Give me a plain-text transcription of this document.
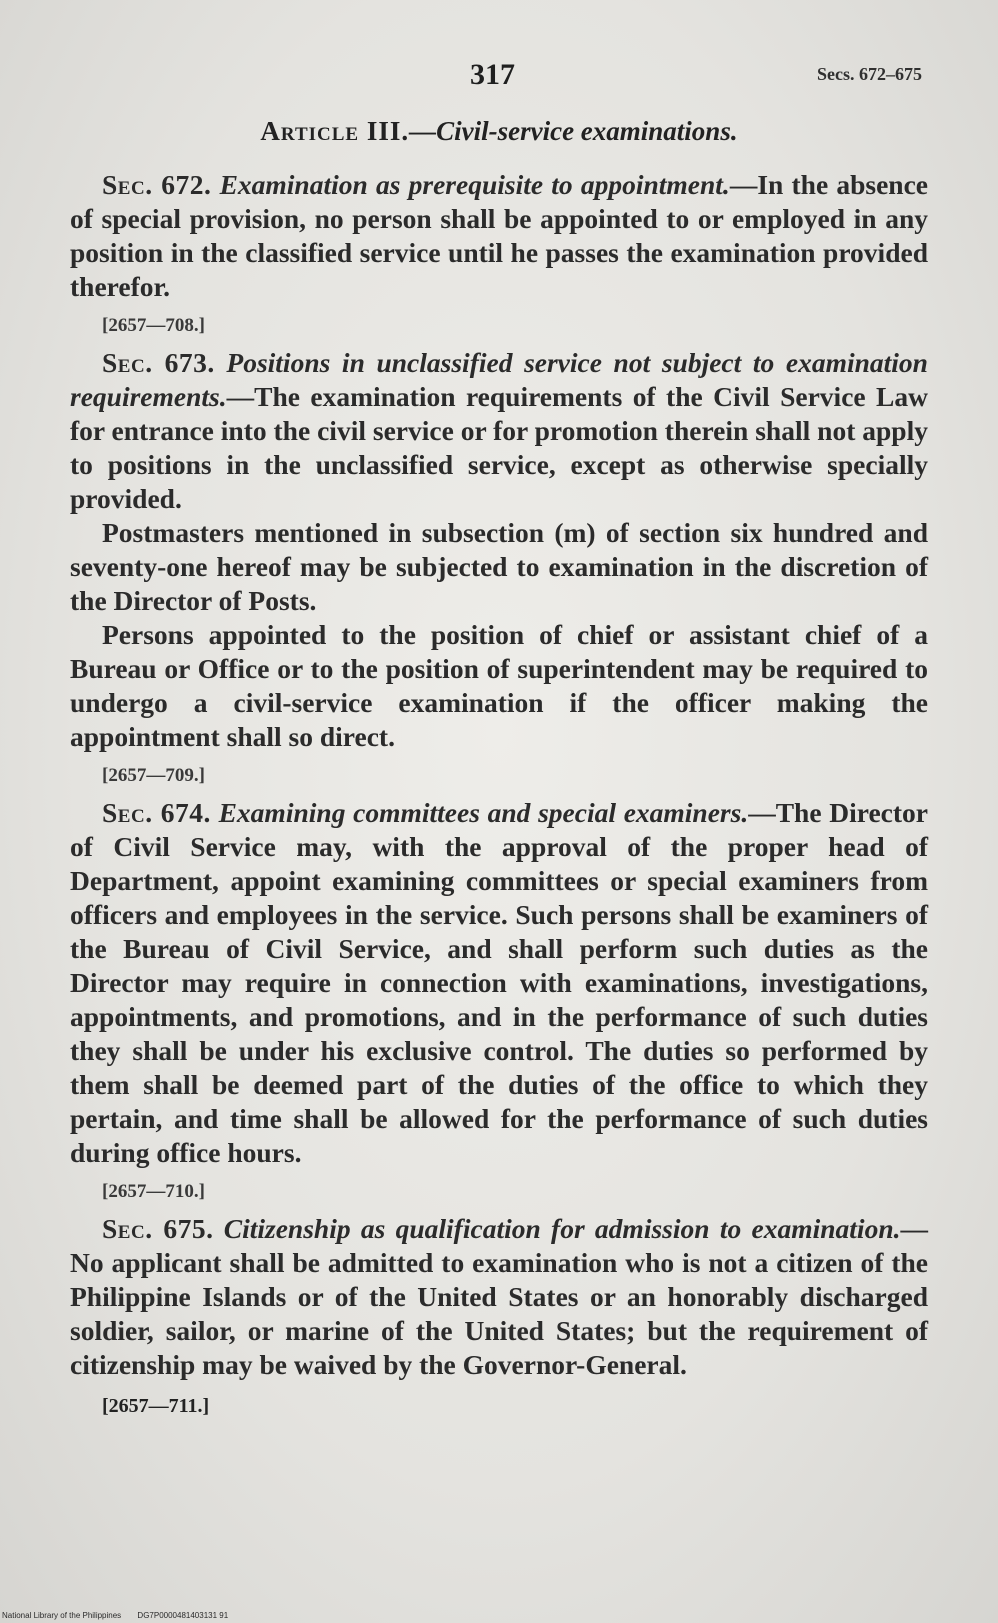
317	Secs. 672–675
Article III.—Civil-service examinations.

Sec. 672. Examination as prerequisite to appointment.—In the absence of special provision, no person shall be appointed to or employed in any position in the classified service until he passes the examination provided therefor.

[2657—708.]

Sec. 673. Positions in unclassified service not subject to examination requirements.—The examination requirements of the Civil Service Law for entrance into the civil service or for promotion therein shall not apply to positions in the unclassified service, except as otherwise specially provided.

Postmasters mentioned in subsection (m) of section six hundred and seventy-one hereof may be subjected to examination in the discretion of the Director of Posts.

Persons appointed to the position of chief or assistant chief of a Bureau or Office or to the position of superintendent may be required to undergo a civil-service examination if the officer making the appointment shall so direct.

[2657—709.]

Sec. 674. Examining committees and special examiners.—The Director of Civil Service may, with the approval of the proper head of Department, appoint examining committees or special examiners from officers and employees in the service. Such persons shall be examiners of the Bureau of Civil Service, and shall perform such duties as the Director may require in connection with examinations, investigations, appointments, and promotions, and in the performance of such duties they shall be under his exclusive control. The duties so performed by them shall be deemed part of the duties of the office to which they pertain, and time shall be allowed for the performance of such duties during office hours.

[2657—710.]

Sec. 675. Citizenship as qualification for admission to examination.—No applicant shall be admitted to examination who is not a citizen of the Philippine Islands or of the United States or an honorably discharged soldier, sailor, or marine of the United States; but the requirement of citizenship may be waived by the Governor-General.

[2657—711.]

National Library of the Philippines DG7P0000481403131 91
